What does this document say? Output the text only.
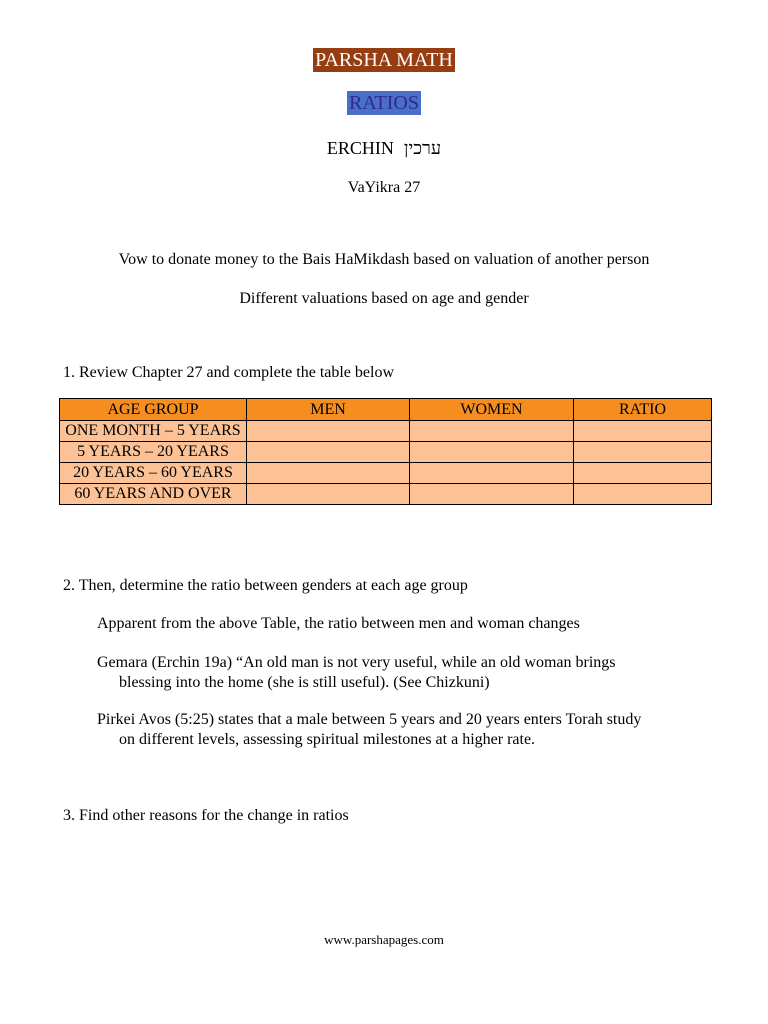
PARSHA MATH
RATIOS
ERCHIN ערכין
VaYikra 27
Vow to donate money to the Bais HaMikdash based on valuation of another person
Different valuations based on age and gender
1. Review Chapter 27 and complete the table below
AGE GROUP	MEN	WOMEN	RATIO
ONE MONTH – 5 YEARS			
5 YEARS – 20 YEARS			
20 YEARS – 60 YEARS			
60 YEARS AND OVER			
2. Then, determine the ratio between genders at each age group
Apparent from the above Table, the ratio between men and woman changes
Gemara (Erchin 19a) “An old man is not very useful, while an old woman brings
blessing into the home (she is still useful). (See Chizkuni)
Pirkei Avos (5:25) states that a male between 5 years and 20 years enters Torah study
on different levels, assessing spiritual milestones at a higher rate.
3. Find other reasons for the change in ratios
www.parshapages.com
